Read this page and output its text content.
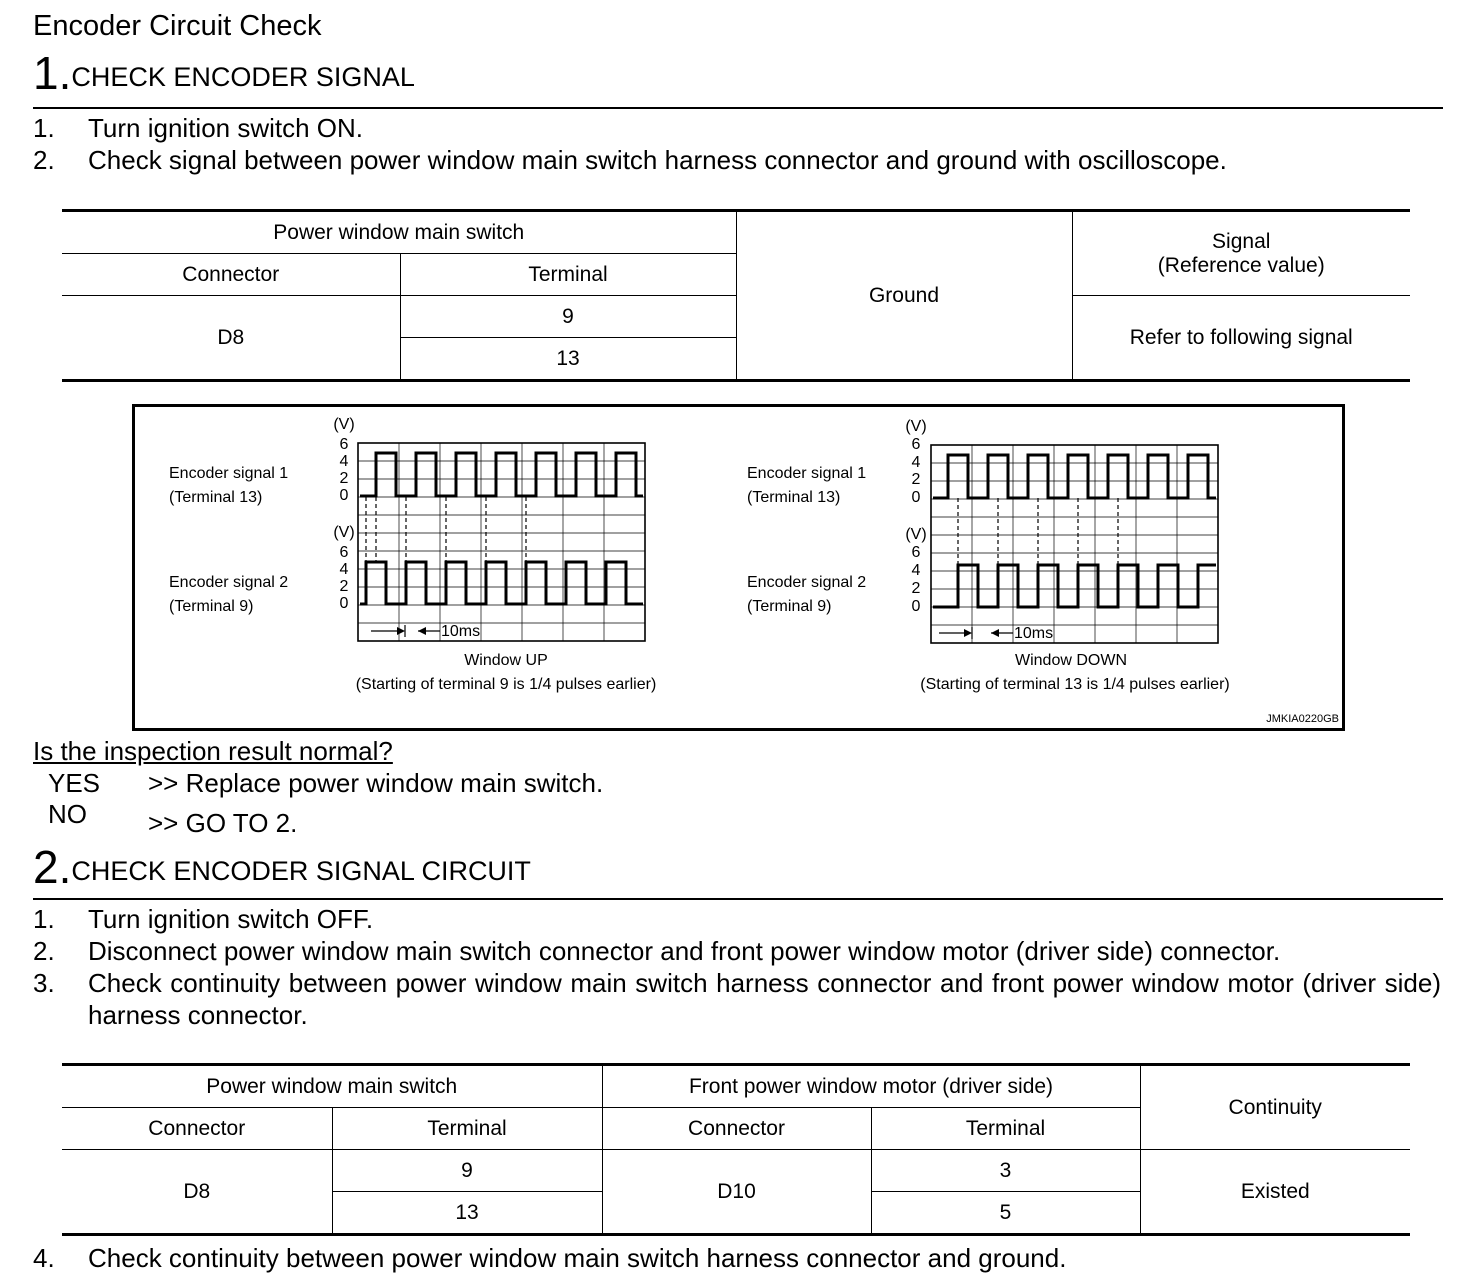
Encoder Circuit Check
1.CHECK ENCODER SIGNAL
1. Turn ignition switch ON.
2. Check signal between power window main switch harness connector and ground with oscilloscope.
Power window main switch		Ground	Signal
(Reference value)

Connector	Terminal		
D8	9		Refer to following signal
	13		
(V)
6
4
2
0
(V)
6
4
2
0
Encoder signal 1
(Terminal 13)
Encoder signal 2
(Terminal 9)
10ms
Window UP
(Starting of terminal 9 is 1/4 pulses earlier)
(V)
6
4
2
0
(V)
6
4
2
0
Encoder signal 1
(Terminal 13)
Encoder signal 2
(Terminal 9)
10ms
Window DOWN
(Starting of terminal 13 is 1/4 pulses earlier)
JMKIA0220GB
Is the inspection result normal?
YES >> Replace power window main switch.
NO >> GO TO 2.
2.CHECK ENCODER SIGNAL CIRCUIT
1. Turn ignition switch OFF.
2. Disconnect power window main switch connector and front power window motor (driver side) connector.
3. Check continuity between power window main switch harness connector and front power window motor (driver side) harness connector.
Power window main switch		Front power window motor (driver side)		Continuity
Connector	Terminal	Connector	Terminal	
D8	9	D10	3	Existed
	13		5	
4. Check continuity between power window main switch harness connector and ground.
